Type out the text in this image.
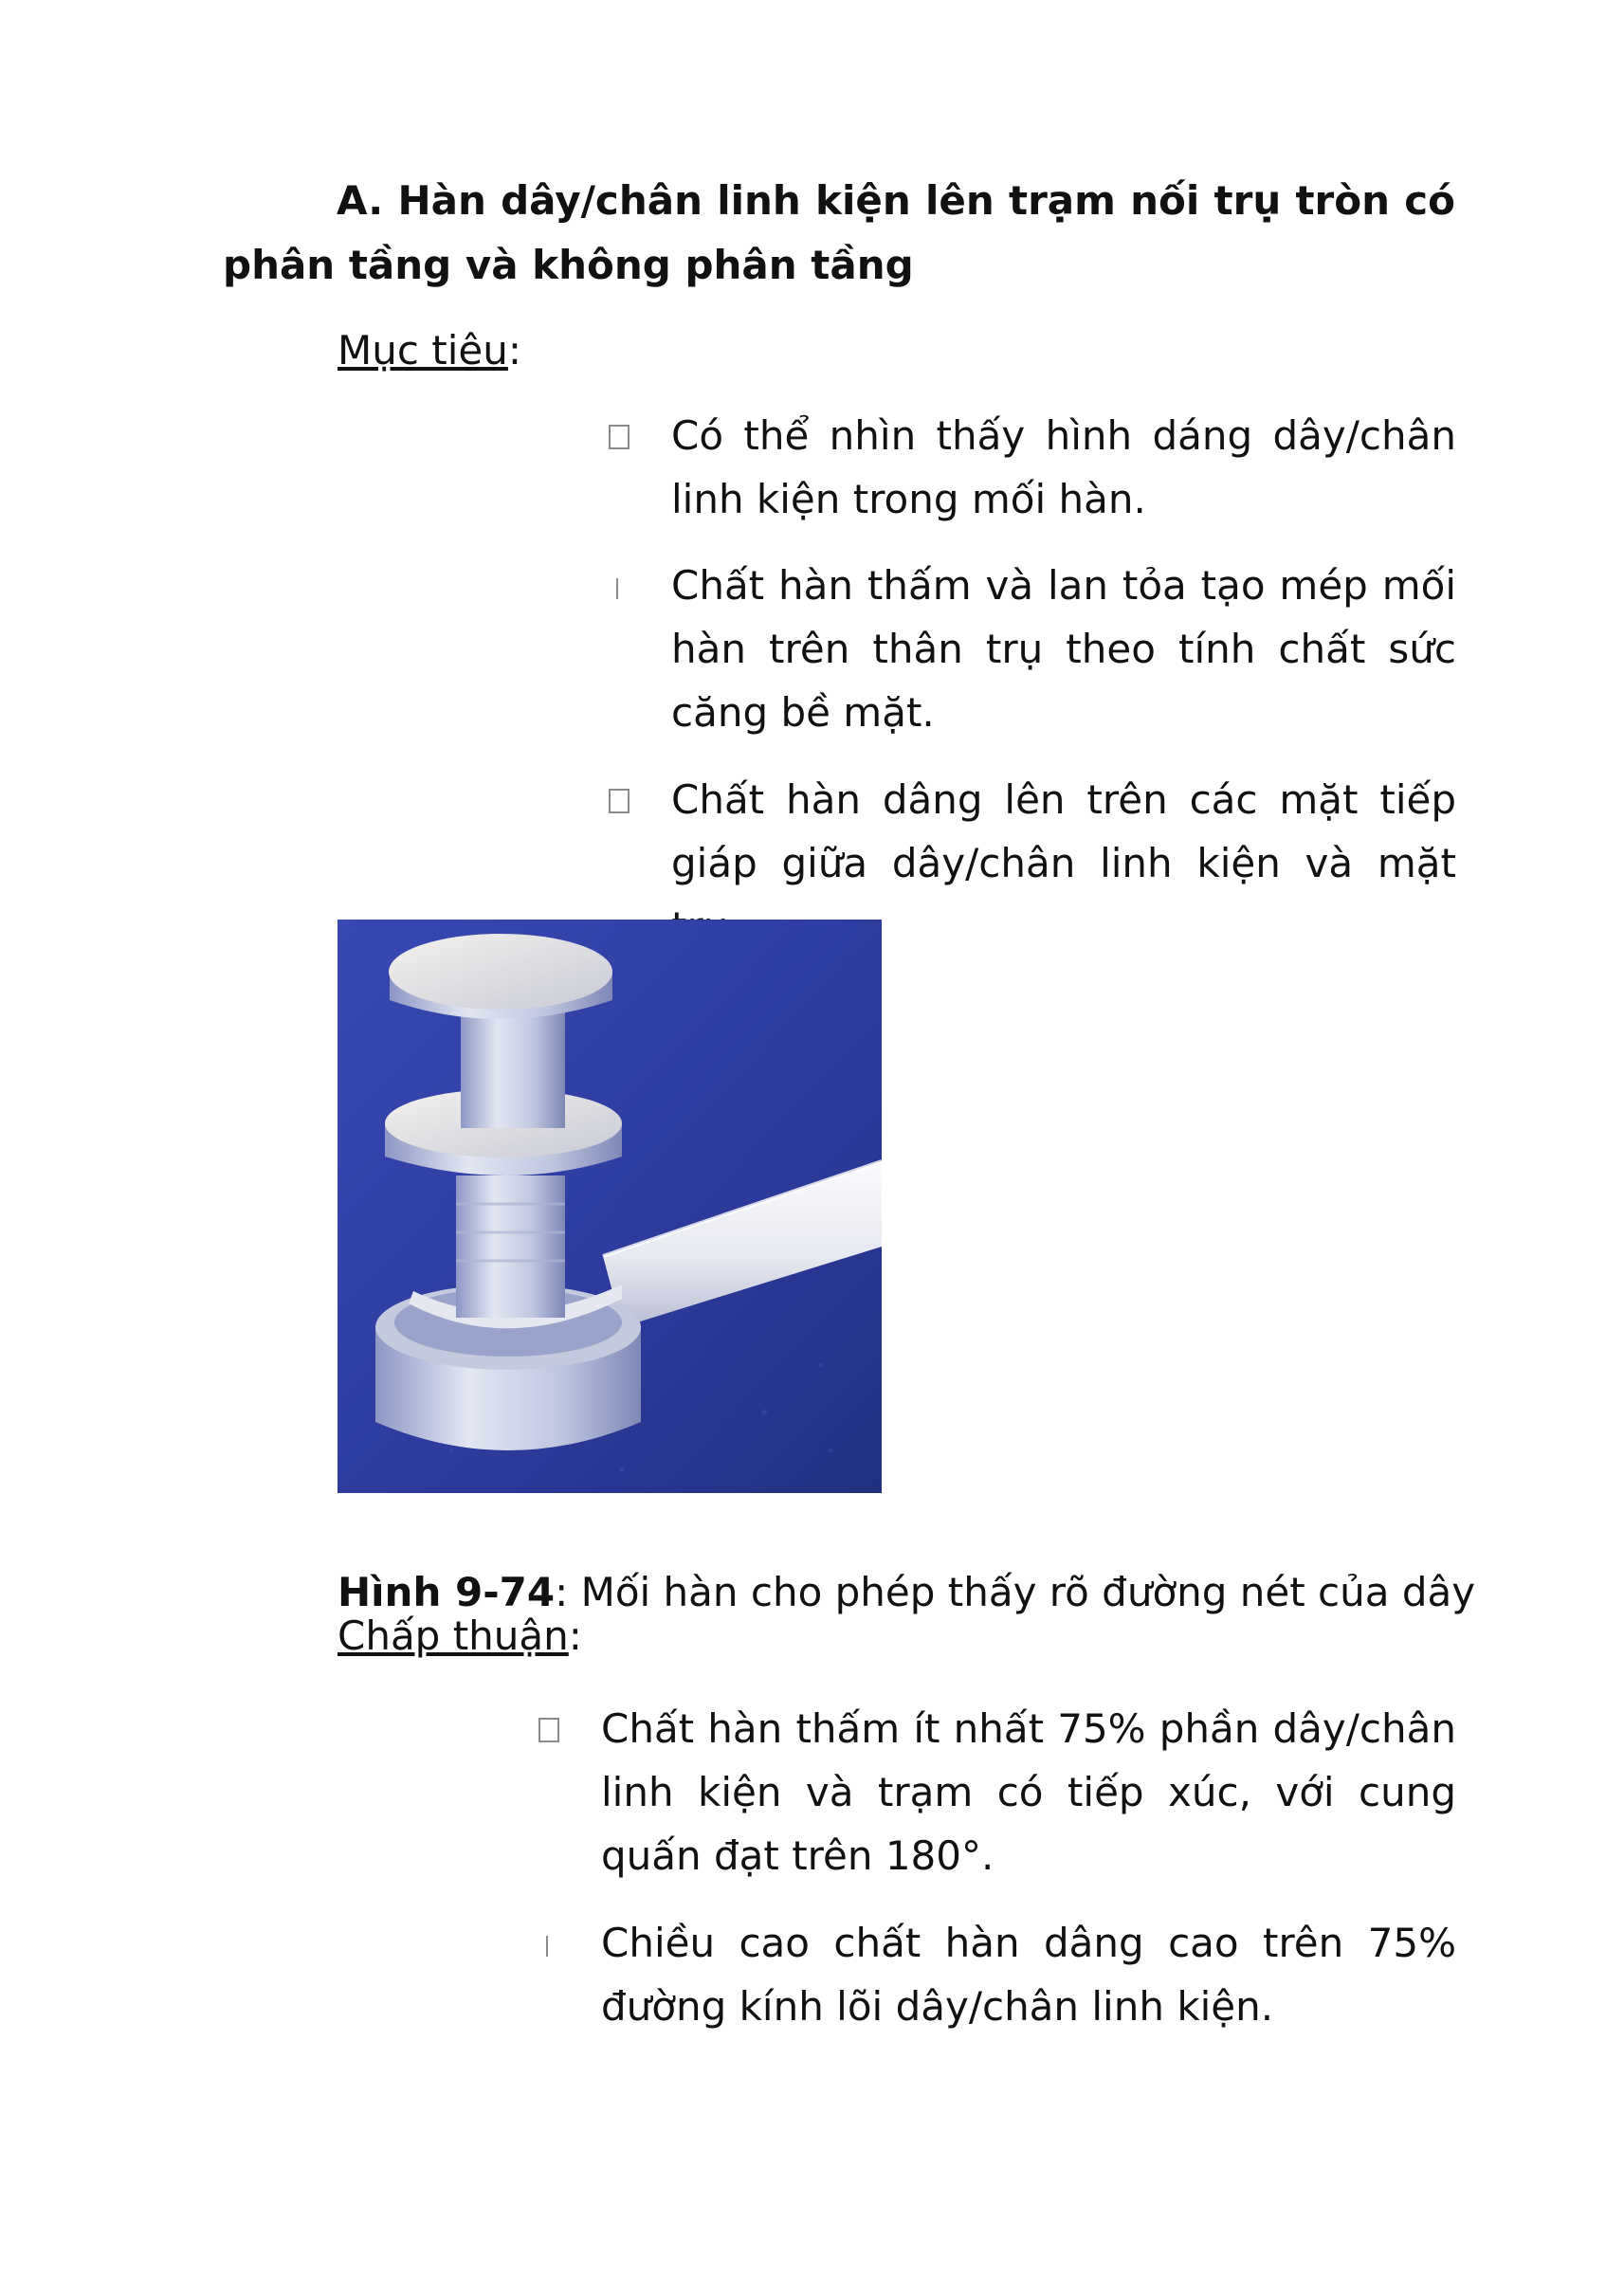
A. Hàn dây/chân linh kiện lên trạm nối trụ tròn có phân tầng và không phân tầng

Mục tiêu:

Có thể nhìn thấy hình dáng dây/chân linh kiện trong mối hàn.
Chất hàn thấm và lan tỏa tạo mép mối hàn trên thân trụ theo tính chất sức căng bề mặt.
Chất hàn dâng lên trên các mặt tiếp giáp giữa dây/chân linh kiện và mặt

Hình 9-74: Mối hàn cho phép thấy rõ đường nét của dây

Chấp thuận:

Chất hàn thấm ít nhất 75% phần dây/chân linh kiện và trạm có tiếp xúc, với cung quấn đạt trên 180°.
Chiều cao chất hàn dâng cao trên 75% đường kính lõi dây/chân linh kiện.
